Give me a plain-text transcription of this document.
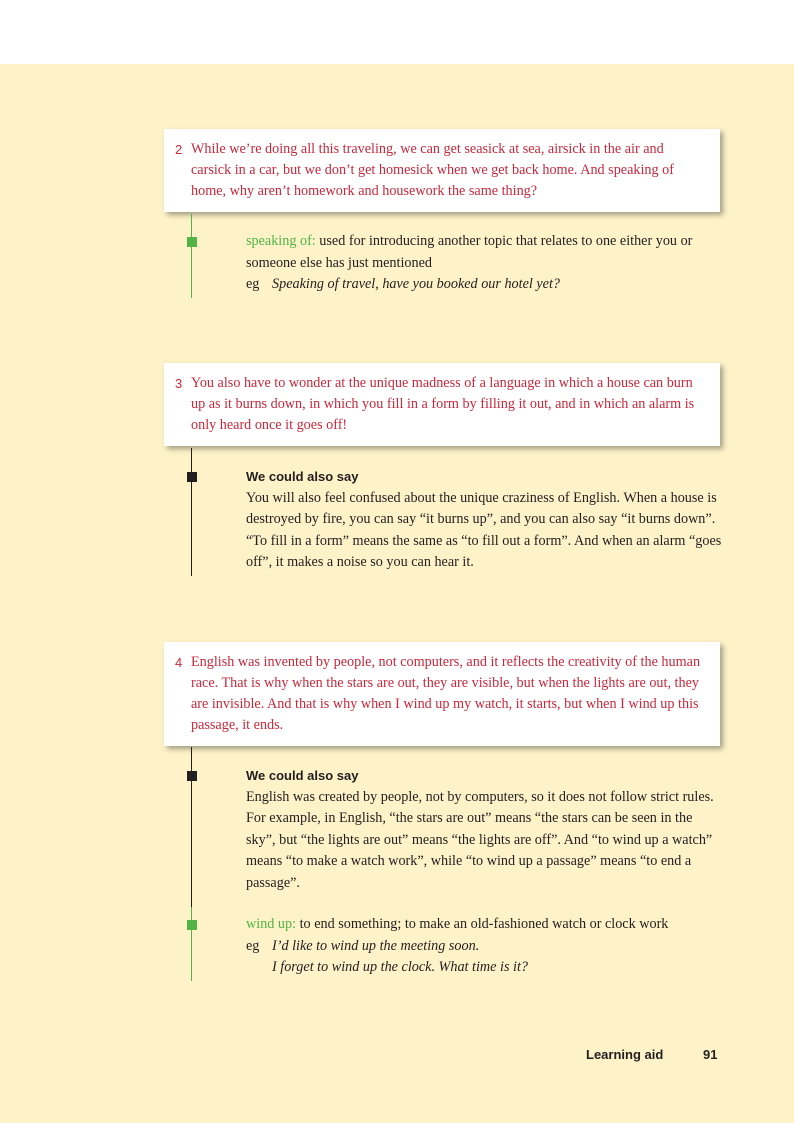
2 While we’re doing all this traveling, we can get seasick at sea, airsick in the air and carsick in a car, but we don’t get homesick when we get back home. And speaking of home, why aren’t homework and housework the same thing?
speaking of: used for introducing another topic that relates to one either you or someone else has just mentioned
eg Speaking of travel, have you booked our hotel yet?
3 You also have to wonder at the unique madness of a language in which a house can burn up as it burns down, in which you fill in a form by filling it out, and in which an alarm is only heard once it goes off!
We could also say
You will also feel confused about the unique craziness of English. When a house is destroyed by fire, you can say “it burns up”, and you can also say “it burns down”. “To fill in a form” means the same as “to fill out a form”. And when an alarm “goes off”, it makes a noise so you can hear it.
4 English was invented by people, not computers, and it reflects the creativity of the human race. That is why when the stars are out, they are visible, but when the lights are out, they are invisible. And that is why when I wind up my watch, it starts, but when I wind up this passage, it ends.
We could also say
English was created by people, not by computers, so it does not follow strict rules. For example, in English, “the stars are out” means “the stars can be seen in the sky”, but “the lights are out” means “the lights are off”. And “to wind up a watch” means “to make a watch work”, while “to wind up a passage” means “to end a passage”.
wind up: to end something; to make an old-fashioned watch or clock work
eg I’d like to wind up the meeting soon.
I forget to wind up the clock. What time is it?
Learning aid	91
